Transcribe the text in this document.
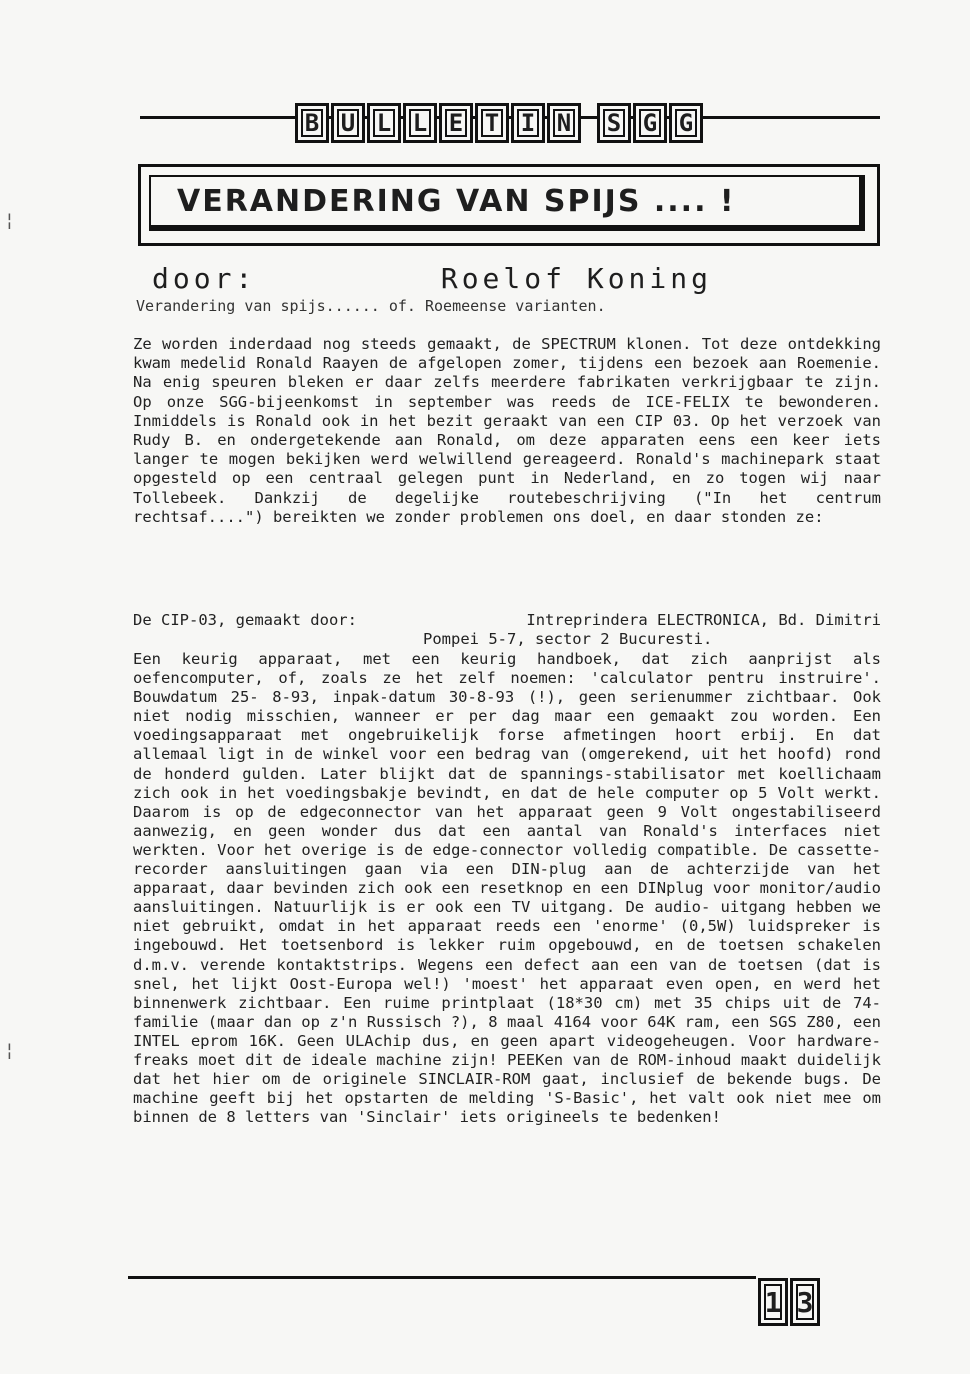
B U L L E T I N	S G G
VERANDERING VAN SPIJS .... !
door:	Roelof Koning
Verandering van spijs...... of. Roemeense varianten.
Ze worden inderdaad nog steeds gemaakt, de SPECTRUM klonen. Tot deze ontdekking kwam medelid Ronald Raayen de afgelopen zomer, tijdens een bezoek aan Roemenie. Na enig speuren bleken er daar zelfs meerdere fabrikaten verkrijgbaar te zijn. Op onze SGG-bijeenkomst in september was reeds de ICE-FELIX te bewonderen. Inmiddels is Ronald ook in het bezit geraakt van een CIP 03. Op het verzoek van Rudy B. en ondergetekende aan Ronald, om deze apparaten eens een keer iets langer te mogen bekijken werd welwillend gereageerd. Ronald's machinepark staat opgesteld op een centraal gelegen punt in Nederland, en zo togen wij naar Tollebeek. Dankzij de degelijke routebeschrijving ("In het centrum rechtsaf....") bereikten we zonder problemen ons doel, en daar stonden ze:
De CIP-03, gemaakt door:	Intreprindera ELECTRONICA, Bd. Dimitri
Pompei 5-7, sector 2 Bucuresti.
Een keurig apparaat, met een keurig handboek, dat zich aanprijst als oefencomputer, of, zoals ze het zelf noemen: 'calculator pentru instruire'. Bouwdatum 25- 8-93, inpak-datum 30-8-93 (!), geen serienummer zichtbaar. Ook niet nodig misschien, wanneer er per dag maar een gemaakt zou worden. Een voedingsapparaat met ongebruikelijk forse afmetingen hoort erbij. En dat allemaal ligt in de winkel voor een bedrag van (omgerekend, uit het hoofd) rond de honderd gulden. Later blijkt dat de spannings-stabilisator met koellichaam zich ook in het voedingsbakje bevindt, en dat de hele computer op 5 Volt werkt. Daarom is op de edgeconnector van het apparaat geen 9 Volt ongestabiliseerd aanwezig, en geen wonder dus dat een aantal van Ronald's interfaces niet werkten. Voor het overige is de edge-connector volledig compatible. De cassette-recorder aansluitingen gaan via een DIN-plug aan de achterzijde van het apparaat, daar bevinden zich ook een resetknop en een DINplug voor monitor/audio aansluitingen. Natuurlijk is er ook een TV uitgang. De audio- uitgang hebben we niet gebruikt, omdat in het apparaat reeds een 'enorme' (0,5W) luidspreker is ingebouwd. Het toetsenbord is lekker ruim opgebouwd, en de toetsen schakelen d.m.v. verende kontaktstrips. Wegens een defect aan een van de toetsen (dat is snel, het lijkt Oost-Europa wel!) 'moest' het apparaat even open, en werd het binnenwerk zichtbaar. Een ruime printplaat (18*30 cm) met 35 chips uit de 74-familie (maar dan op z'n Russisch ?), 8 maal 4164 voor 64K ram, een SGS Z80, een INTEL eprom 16K. Geen ULAchip dus, en geen apart videogeheugen. Voor hardware-freaks moet dit de ideale machine zijn! PEEKen van de ROM-inhoud maakt duidelijk dat het hier om de originele SINCLAIR-ROM gaat, inclusief de bekende bugs. De machine geeft bij het opstarten de melding 'S-Basic', het valt ook niet mee om binnen de 8 letters van 'Sinclair' iets origineels te bedenken!
¦
¦
1 3
